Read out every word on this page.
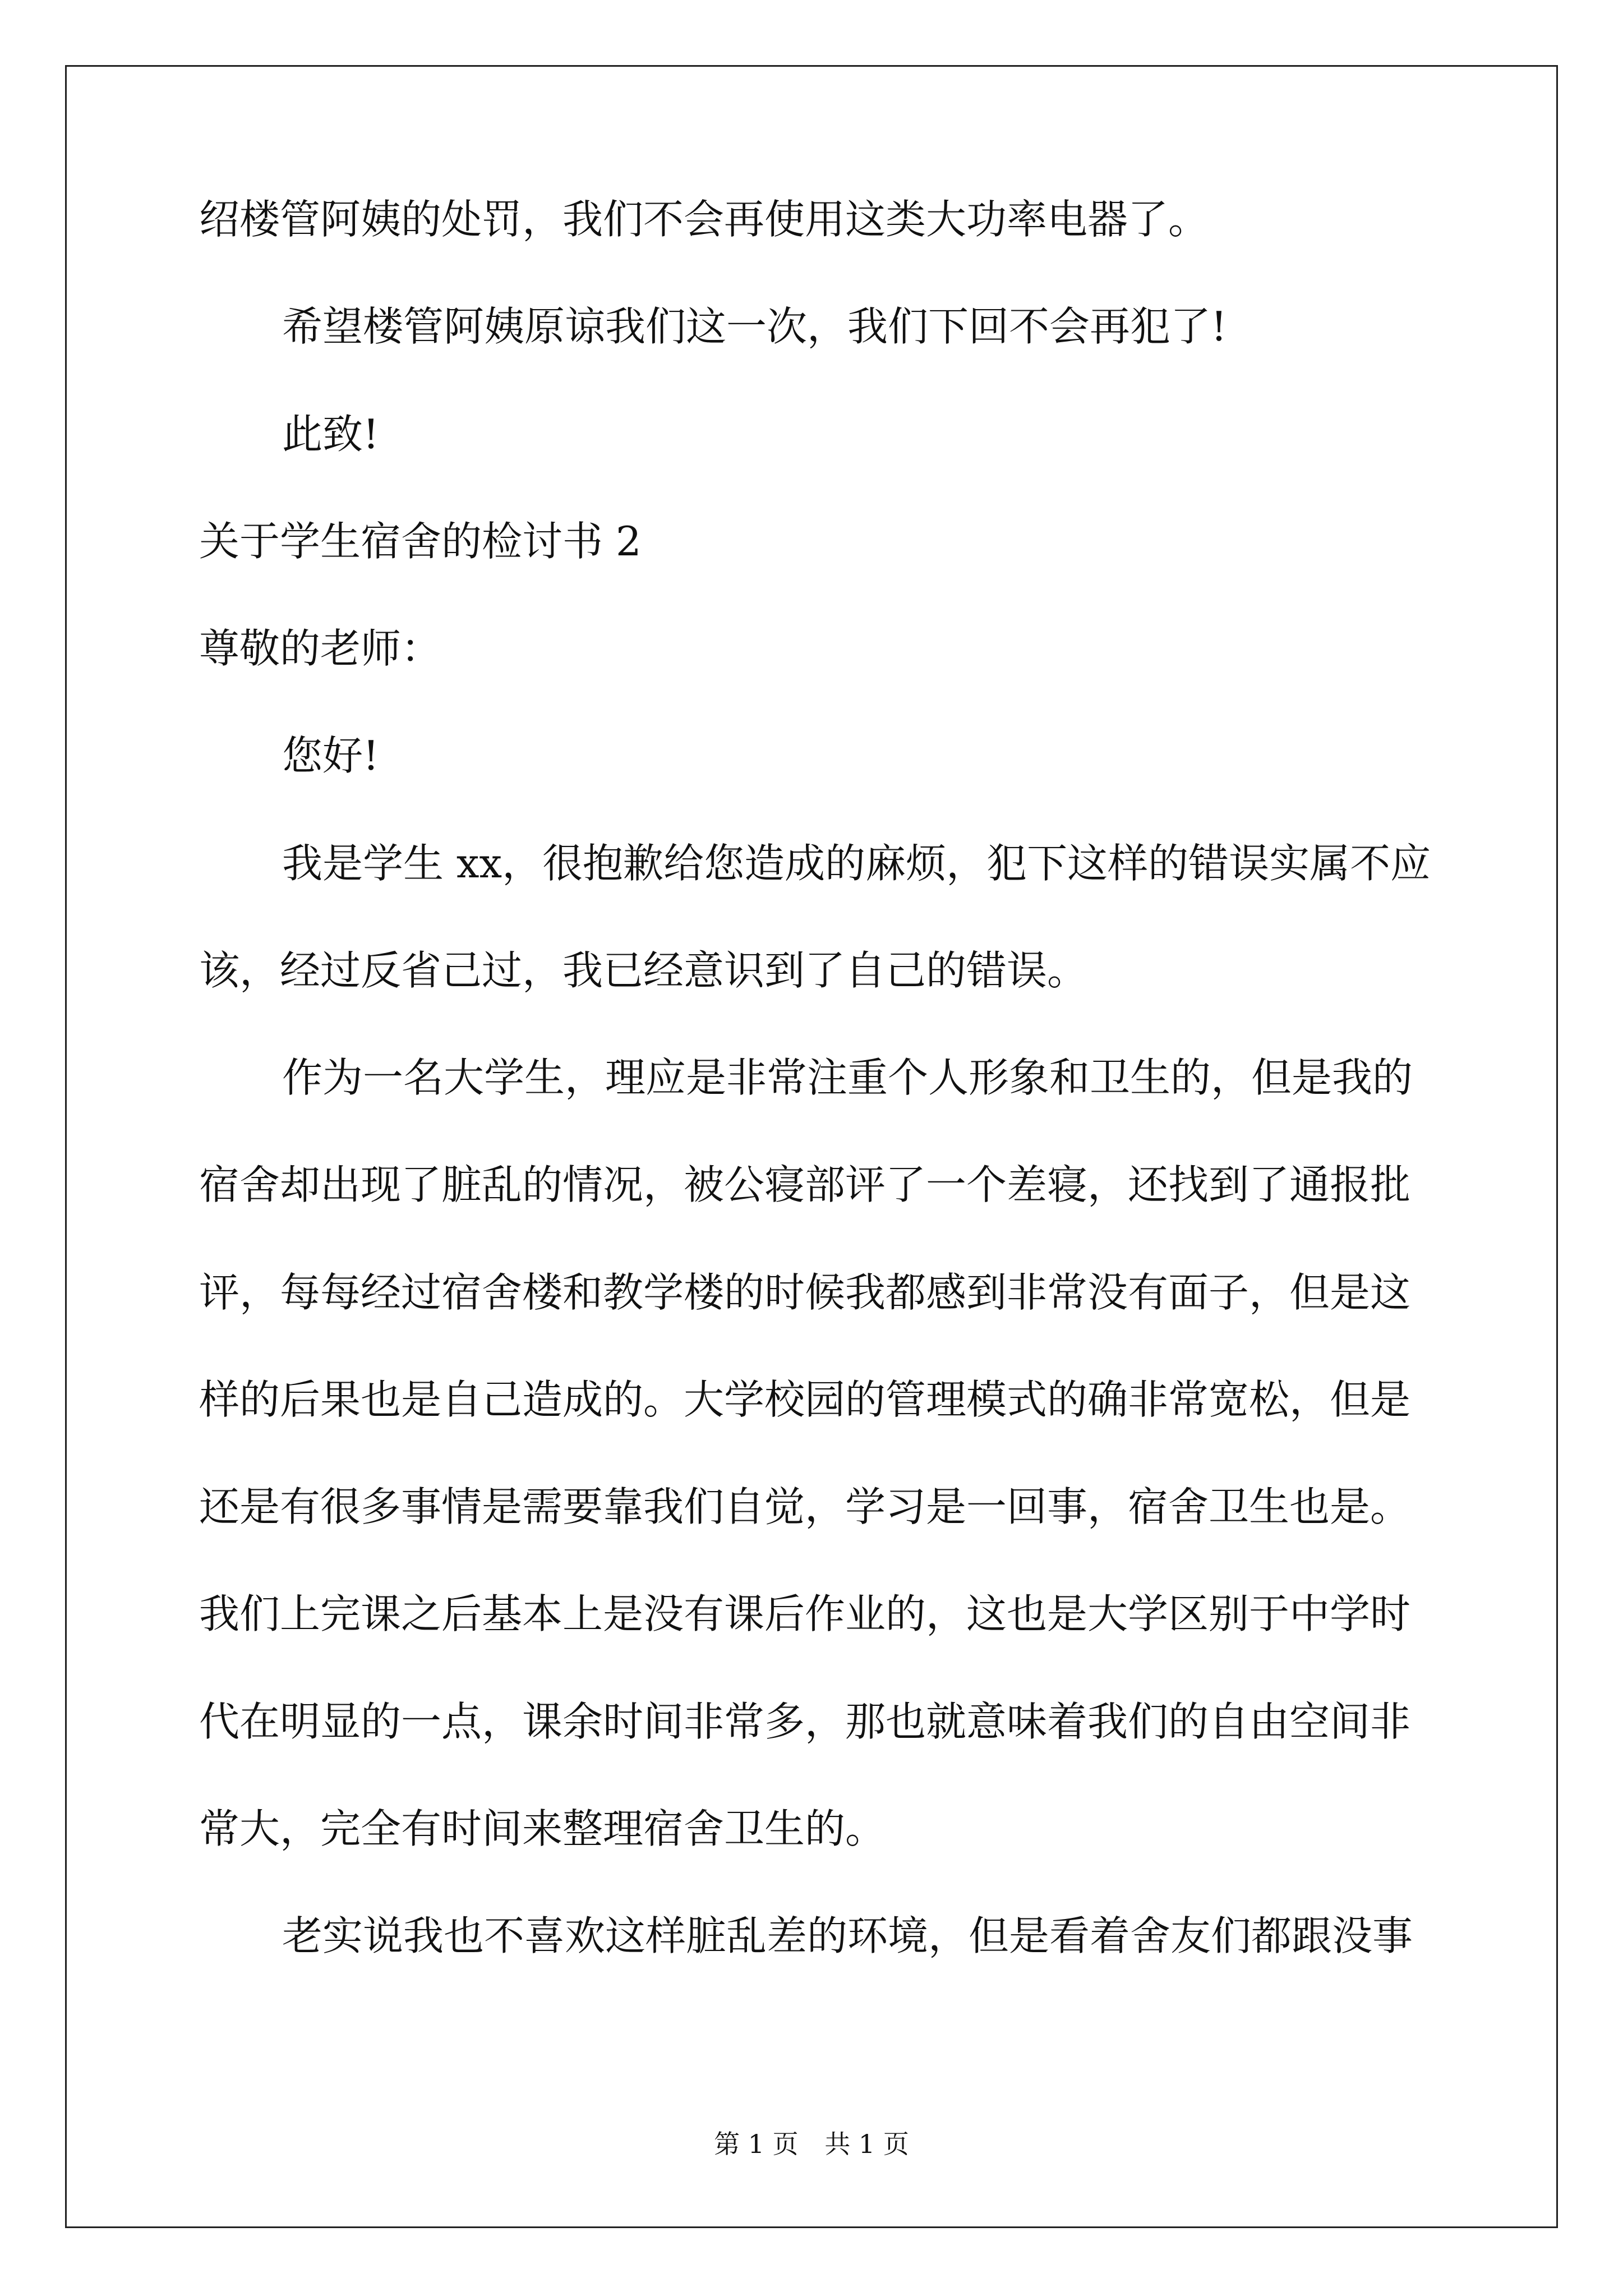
绍楼管阿姨的处罚，我们不会再使用这类大功率电器了。
希望楼管阿姨原谅我们这一次，我们下回不会再犯了!
此致!
关于学生宿舍的检讨书 2
尊敬的老师：
您好!
我是学生 xx，很抱歉给您造成的麻烦，犯下这样的错误实属不应
该，经过反省己过，我已经意识到了自己的错误。
作为一名大学生，理应是非常注重个人形象和卫生的，但是我的
宿舍却出现了脏乱的情况，被公寝部评了一个差寝，还找到了通报批
评，每每经过宿舍楼和教学楼的时候我都感到非常没有面子，但是这
样的后果也是自己造成的。大学校园的管理模式的确非常宽松，但是
还是有很多事情是需要靠我们自觉，学习是一回事，宿舍卫生也是。
我们上完课之后基本上是没有课后作业的，这也是大学区别于中学时
代在明显的一点，课余时间非常多，那也就意味着我们的自由空间非
常大，完全有时间来整理宿舍卫生的。
老实说我也不喜欢这样脏乱差的环境，但是看着舍友们都跟没事
第 1 页 共 1 页
